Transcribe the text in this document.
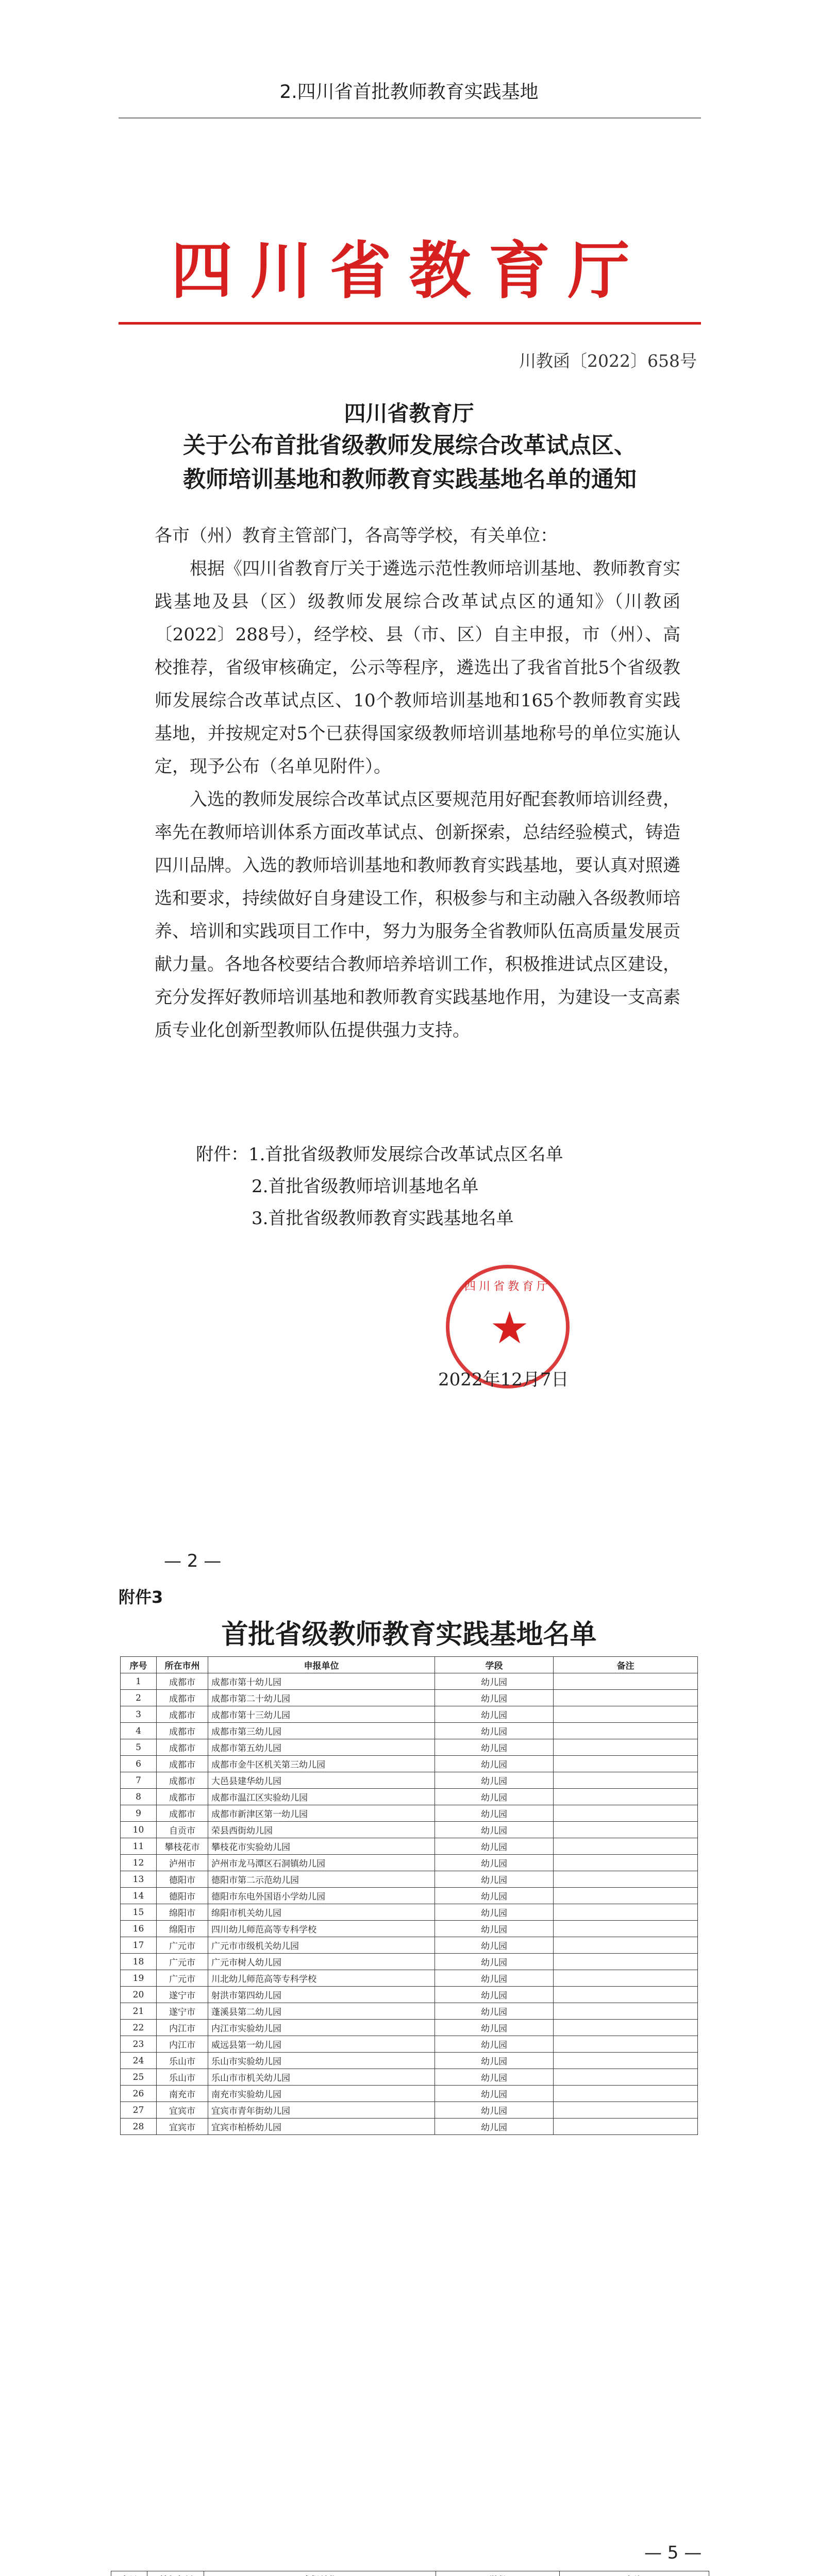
2.四川省首批教师教育实践基地
四川省教育厅
川教函〔2022〕658号
四川省教育厅
关于公布首批省级教师发展综合改革试点区、
教师培训基地和教师教育实践基地名单的通知

各市（州）教育主管部门，各高等学校，有关单位：

根据《四川省教育厅关于遴选示范性教师培训基地、教师教育实践基地及县（区）级教师发展综合改革试点区的通知》（川教函〔2022〕288号），经学校、县（市、区）自主申报，市（州）、高校推荐，省级审核确定，公示等程序，遴选出了我省首批5个省级教师发展综合改革试点区、10个教师培训基地和165个教师教育实践基地，并按规定对5个已获得国家级教师培训基地称号的单位实施认定，现予公布（名单见附件）。

入选的教师发展综合改革试点区要规范用好配套教师培训经费，率先在教师培训体系方面改革试点、创新探索，总结经验模式，铸造四川品牌。入选的教师培训基地和教师教育实践基地，要认真对照遴选和要求，持续做好自身建设工作，积极参与和主动融入各级教师培养、培训和实践项目工作中，努力为服务全省教师队伍高质量发展贡献力量。各地各校要结合教师培养培训工作，积极推进试点区建设，充分发挥好教师培训基地和教师教育实践基地作用，为建设一支高素质专业化创新型教师队伍提供强力支持。

附件：1.首批省级教师发展综合改革试点区名单
2.首批省级教师培训基地名单
3.首批省级教师教育实践基地名单
四川省教育厅
★
2022年12月7日
— 2 —
附件3
首批省级教师教育实践基地名单
序号	所在市州	申报单位	学段	备注
1	成都市	成都市第十幼儿园	幼儿园	
2	成都市	成都市第二十幼儿园	幼儿园	
3	成都市	成都市第十三幼儿园	幼儿园	
4	成都市	成都市第三幼儿园	幼儿园	
5	成都市	成都市第五幼儿园	幼儿园	
6	成都市	成都市金牛区机关第三幼儿园	幼儿园	
7	成都市	大邑县建华幼儿园	幼儿园	
8	成都市	成都市温江区实验幼儿园	幼儿园	
9	成都市	成都市新津区第一幼儿园	幼儿园	
10	自贡市	荣县西街幼儿园	幼儿园	
11	攀枝花市	攀枝花市实验幼儿园	幼儿园	
12	泸州市	泸州市龙马潭区石洞镇幼儿园	幼儿园	
13	德阳市	德阳市第二示范幼儿园	幼儿园	
14	德阳市	德阳市东电外国语小学幼儿园	幼儿园	
15	绵阳市	绵阳市机关幼儿园	幼儿园	
16	绵阳市	四川幼儿师范高等专科学校	幼儿园	
17	广元市	广元市市级机关幼儿园	幼儿园	
18	广元市	广元市树人幼儿园	幼儿园	
19	广元市	川北幼儿师范高等专科学校	幼儿园	
20	遂宁市	射洪市第四幼儿园	幼儿园	
21	遂宁市	蓬溪县第二幼儿园	幼儿园	
22	内江市	内江市实验幼儿园	幼儿园	
23	内江市	威远县第一幼儿园	幼儿园	
24	乐山市	乐山市实验幼儿园	幼儿园	
25	乐山市	乐山市市机关幼儿园	幼儿园	
26	南充市	南充市实验幼儿园	幼儿园	
27	宜宾市	宜宾市青年街幼儿园	幼儿园	
28	宜宾市	宜宾市柏桥幼儿园	幼儿园	
— 5 —
